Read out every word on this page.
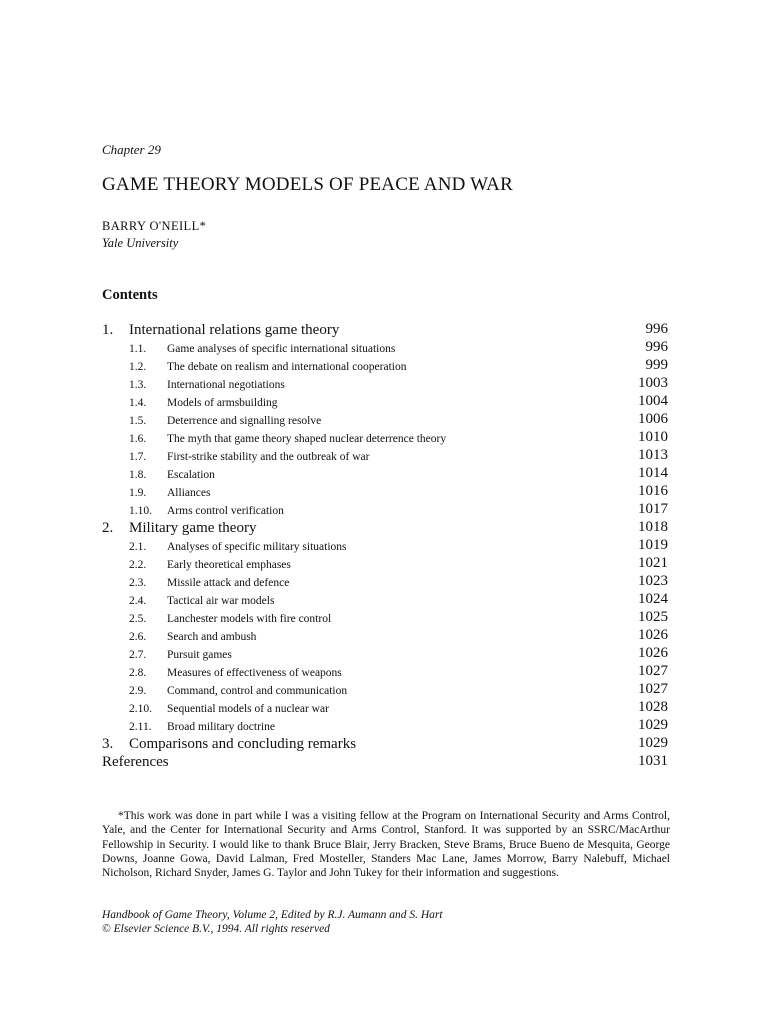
Chapter 29
GAME THEORY MODELS OF PEACE AND WAR
BARRY O'NEILL*
Yale University
Contents
1. International relations game theory	996
1.1. Game analyses of specific international situations	996
1.2. The debate on realism and international cooperation	999
1.3. International negotiations	1003
1.4. Models of armsbuilding	1004
1.5. Deterrence and signalling resolve	1006
1.6. The myth that game theory shaped nuclear deterrence theory	1010
1.7. First-strike stability and the outbreak of war	1013
1.8. Escalation	1014
1.9. Alliances	1016
1.10. Arms control verification	1017
2. Military game theory	1018
2.1. Analyses of specific military situations	1019
2.2. Early theoretical emphases	1021
2.3. Missile attack and defence	1023
2.4. Tactical air war models	1024
2.5. Lanchester models with fire control	1025
2.6. Search and ambush	1026
2.7. Pursuit games	1026
2.8. Measures of effectiveness of weapons	1027
2.9. Command, control and communication	1027
2.10. Sequential models of a nuclear war	1028
2.11. Broad military doctrine	1029
3. Comparisons and concluding remarks	1029
References	1031
*This work was done in part while I was a visiting fellow at the Program on International Security and Arms Control, Yale, and the Center for International Security and Arms Control, Stanford. It was supported by an SSRC/MacArthur Fellowship in Security. I would like to thank Bruce Blair, Jerry Bracken, Steve Brams, Bruce Bueno de Mesquita, George Downs, Joanne Gowa, David Lalman, Fred Mosteller, Standers Mac Lane, James Morrow, Barry Nalebuff, Michael Nicholson, Richard Snyder, James G. Taylor and John Tukey for their information and suggestions.
Handbook of Game Theory, Volume 2, Edited by R.J. Aumann and S. Hart
© Elsevier Science B.V., 1994. All rights reserved
